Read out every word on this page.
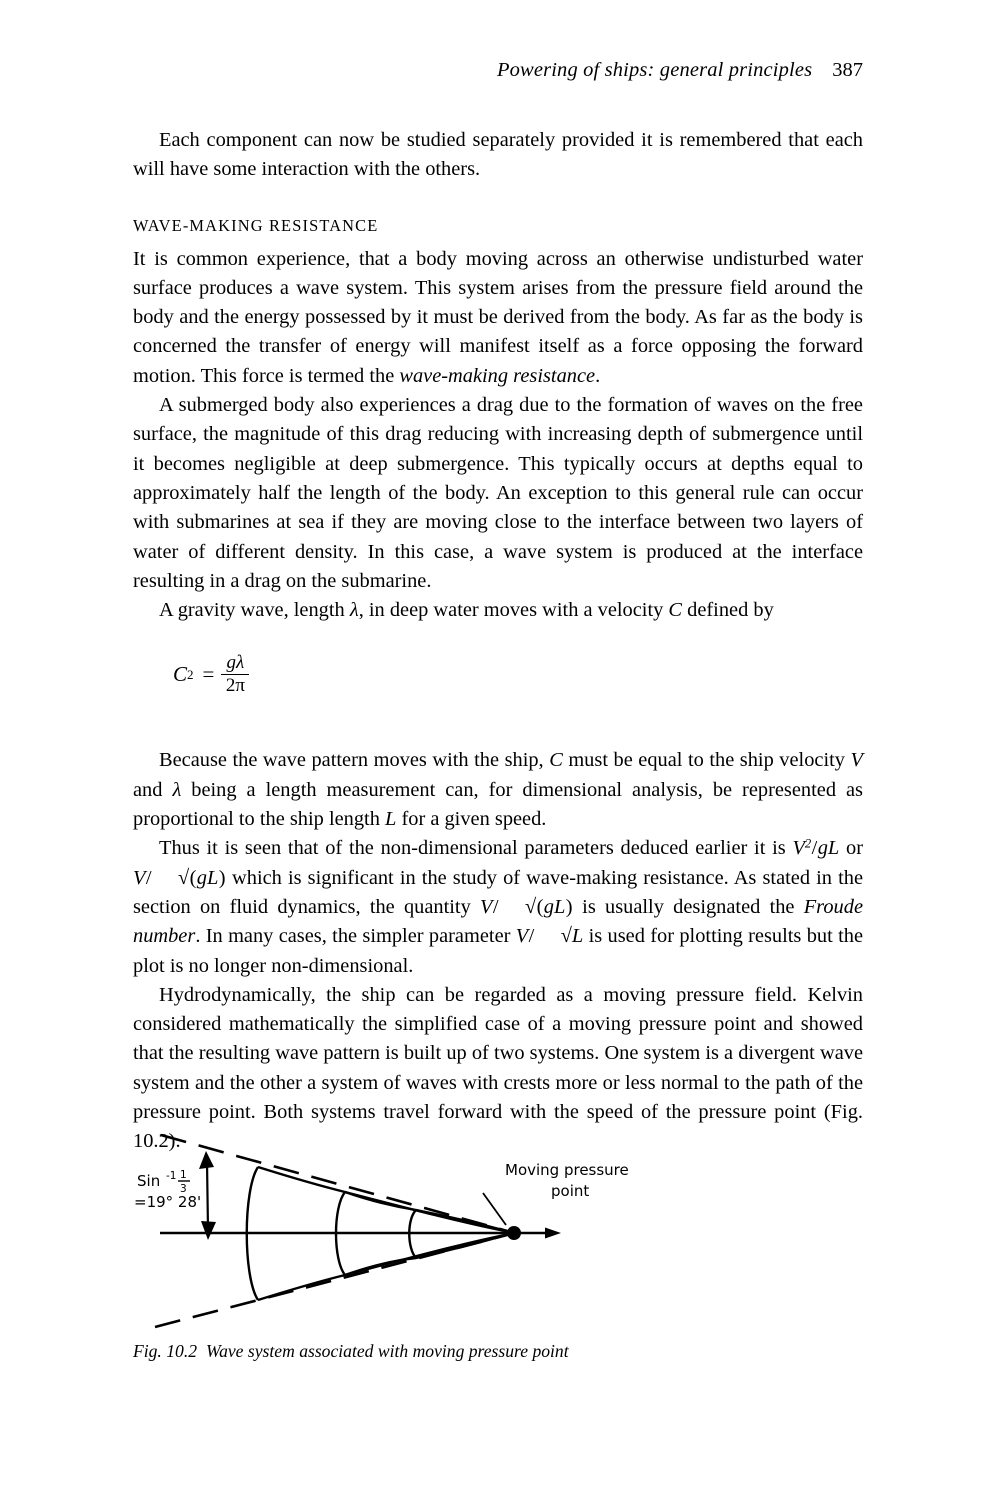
Powering of ships: general principles 387

Each component can now be studied separately provided it is remembered that each will have some interaction with the others.

WAVE-MAKING RESISTANCE

It is common experience, that a body moving across an otherwise undisturbed water surface produces a wave system. This system arises from the pressure field around the body and the energy possessed by it must be derived from the body. As far as the body is concerned the transfer of energy will manifest itself as a force opposing the forward motion. This force is termed the wave-making resistance.

A submerged body also experiences a drag due to the formation of waves on the free surface, the magnitude of this drag reducing with increasing depth of submergence until it becomes negligible at deep submergence. This typically occurs at depths equal to approximately half the length of the body. An exception to this general rule can occur with submarines at sea if they are moving close to the interface between two layers of water of different density. In this case, a wave system is produced at the interface resulting in a drag on the submarine.

A gravity wave, length λ, in deep water moves with a velocity C defined by

C $2 = \frac{g\lambda}{2\pi}$

Because the wave pattern moves with the ship, C must be equal to the ship velocity V and λ being a length measurement can, for dimensional analysis, be represented as proportional to the ship length L for a given speed.

Thus it is seen that of the non-dimensional parameters deduced earlier it is $V^2/gL$ or V/ √(gL) which is significant in the study of wave-making resistance. As stated in the section on fluid dynamics, the quantity V/ √(gL) is usually designated the Froude number. In many cases, the simpler parameter V/ √L is used for plotting results but the plot is no longer non-dimensional.

Hydrodynamically, the ship can be regarded as a moving pressure field. Kelvin considered mathematically the simplified case of a moving pressure point and showed that the resulting wave pattern is built up of two systems. One system is a divergent wave system and the other a system of waves with crests more or less normal to the path of the pressure point. Both systems travel forward with the speed of the pressure point (Fig. 10.2).

Sin -1 1
3
=19° 28'
Moving pressure
point
Fig. 10.2 Wave system associated with moving pressure point
